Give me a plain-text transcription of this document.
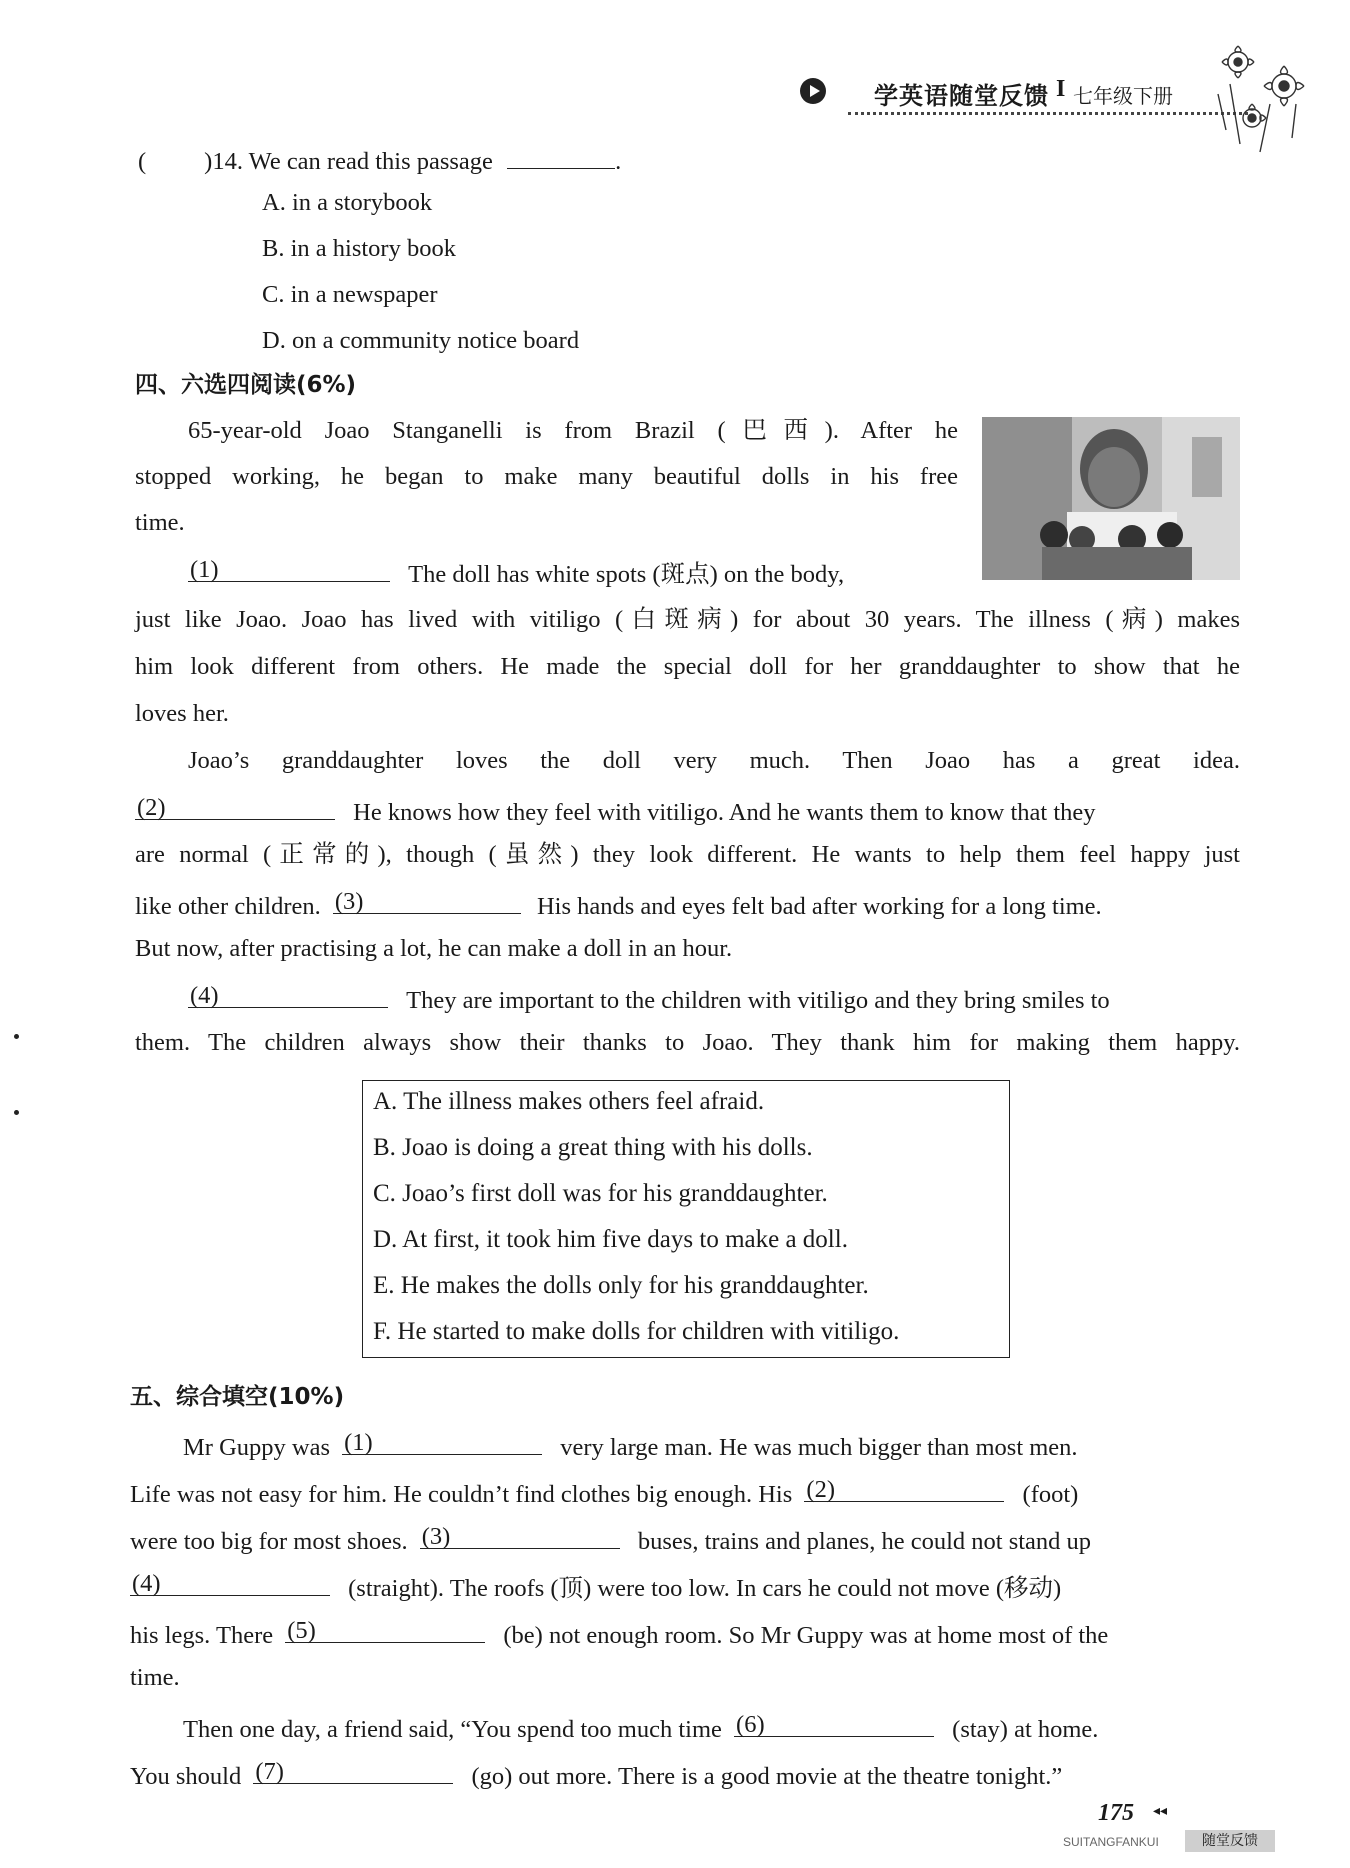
学英语随堂反馈 I 七年级下册
( )14. We can read this passage	.
A. in a storybook
B. in a history book
C. in a newspaper
D. on a community notice board
四、六选四阅读(6%)
65-year-old Joao Stanganelli is from Brazil (巴西). After he
stopped working, he began to make many beautiful dolls in his free
time.
(1)	The doll has white spots (斑点) on the body,
just like Joao. Joao has lived with vitiligo (白斑病) for about 30 years. The illness (病) makes
him look different from others. He made the special doll for her granddaughter to show that he
loves her.
Joao’s granddaughter loves the doll very much. Then Joao has a great idea.
(2)	He knows how they feel with vitiligo. And he wants them to know that they
are normal (正常的), though (虽然) they look different. He wants to help them feel happy just
like other children. (3)	His hands and eyes felt bad after working for a long time.
But now, after practising a lot, he can make a doll in an hour.
(4)	They are important to the children with vitiligo and they bring smiles to
them. The children always show their thanks to Joao. They thank him for making them happy.
A. The illness makes others feel afraid.
B. Joao is doing a great thing with his dolls.
C. Joao’s first doll was for his granddaughter.
D. At first, it took him five days to make a doll.
E. He makes the dolls only for his granddaughter.
F. He started to make dolls for children with vitiligo.
五、综合填空(10%)
Mr Guppy was (1)	very large man. He was much bigger than most men.
Life was not easy for him. He couldn’t find clothes big enough. His (2)	(foot)
were too big for most shoes. (3)	buses, trains and planes, he could not stand up
(4)	(straight). The roofs (顶) were too low. In cars he could not move (移动)
his legs. There (5)	(be) not enough room. So Mr Guppy was at home most of the
time.
Then one day, a friend said, “You spend too much time (6)	(stay) at home.
You should (7)	(go) out more. There is a good movie at the theatre tonight.”
175 ◂◂
SUITANGFANKUI	随堂反馈
